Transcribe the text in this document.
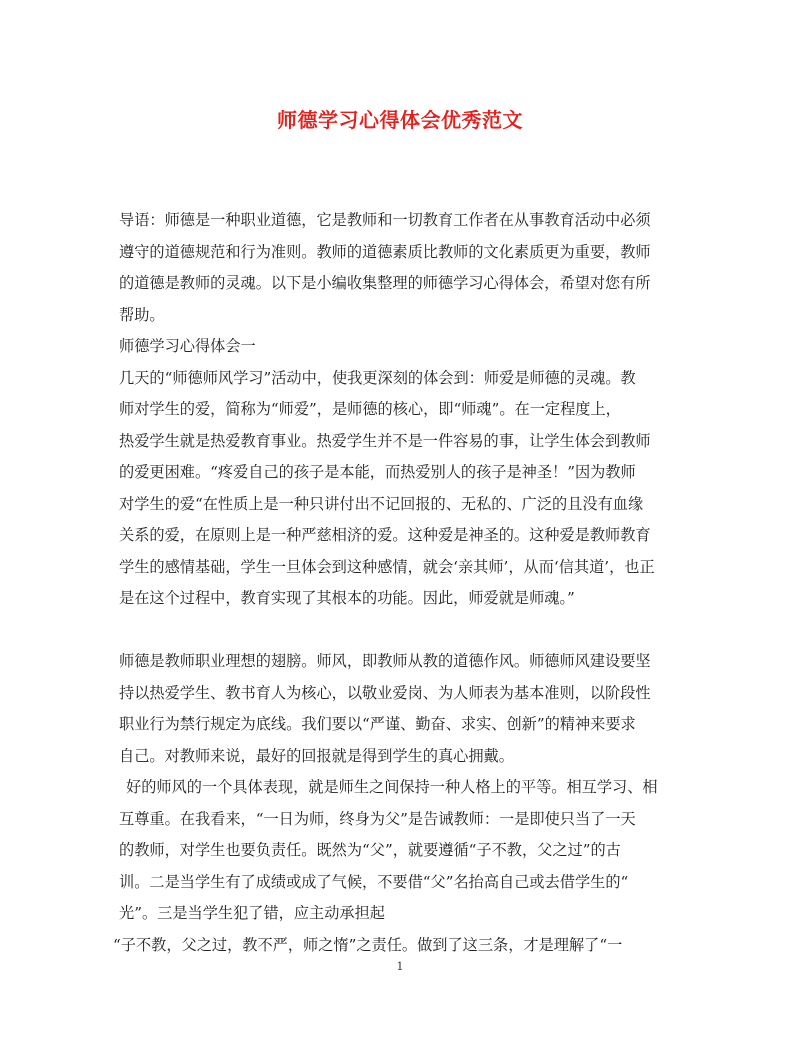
师德学习心得体会优秀范文
导语：师德是一种职业道德，它是教师和一切教育工作者在从事教育活动中必须
遵守的道德规范和行为准则。教师的道德素质比教师的文化素质更为重要，教师
的道德是教师的灵魂。以下是小编收集整理的师德学习心得体会，希望对您有所
帮助。
师德学习心得体会一
几天的“师德师风学习”活动中，使我更深刻的体会到：师爱是师德的灵魂。教
师对学生的爱，简称为“师爱”，是师德的核心，即“师魂”。在一定程度上，
热爱学生就是热爱教育事业。热爱学生并不是一件容易的事，让学生体会到教师
的爱更困难。“疼爱自己的孩子是本能，而热爱别人的孩子是神圣！”因为教师
对学生的爱“在性质上是一种只讲付出不记回报的、无私的、广泛的且没有血缘
关系的爱，在原则上是一种严慈相济的爱。这种爱是神圣的。这种爱是教师教育
学生的感情基础，学生一旦体会到这种感情，就会‘亲其师’，从而‘信其道’，也正
是在这个过程中，教育实现了其根本的功能。因此，师爱就是师魂。”
师德是教师职业理想的翅膀。师风，即教师从教的道德作风。师德师风建设要坚
持以热爱学生、教书育人为核心，以敬业爱岗、为人师表为基本准则，以阶段性
职业行为禁行规定为底线。我们要以“严谨、勤奋、求实、创新”的精神来要求
自己。对教师来说，最好的回报就是得到学生的真心拥戴。
好的师风的一个具体表现，就是师生之间保持一种人格上的平等。相互学习、相
互尊重。在我看来，“一日为师，终身为父”是告诫教师：一是即使只当了一天
的教师，对学生也要负责任。既然为“父”，就要遵循“子不教，父之过”的古
训。二是当学生有了成绩或成了气候，不要借“父”名抬高自己或去借学生的“
光”。三是当学生犯了错，应主动承担起
“子不教，父之过，教不严，师之惰”之责任。做到了这三条，才是理解了“一
1
